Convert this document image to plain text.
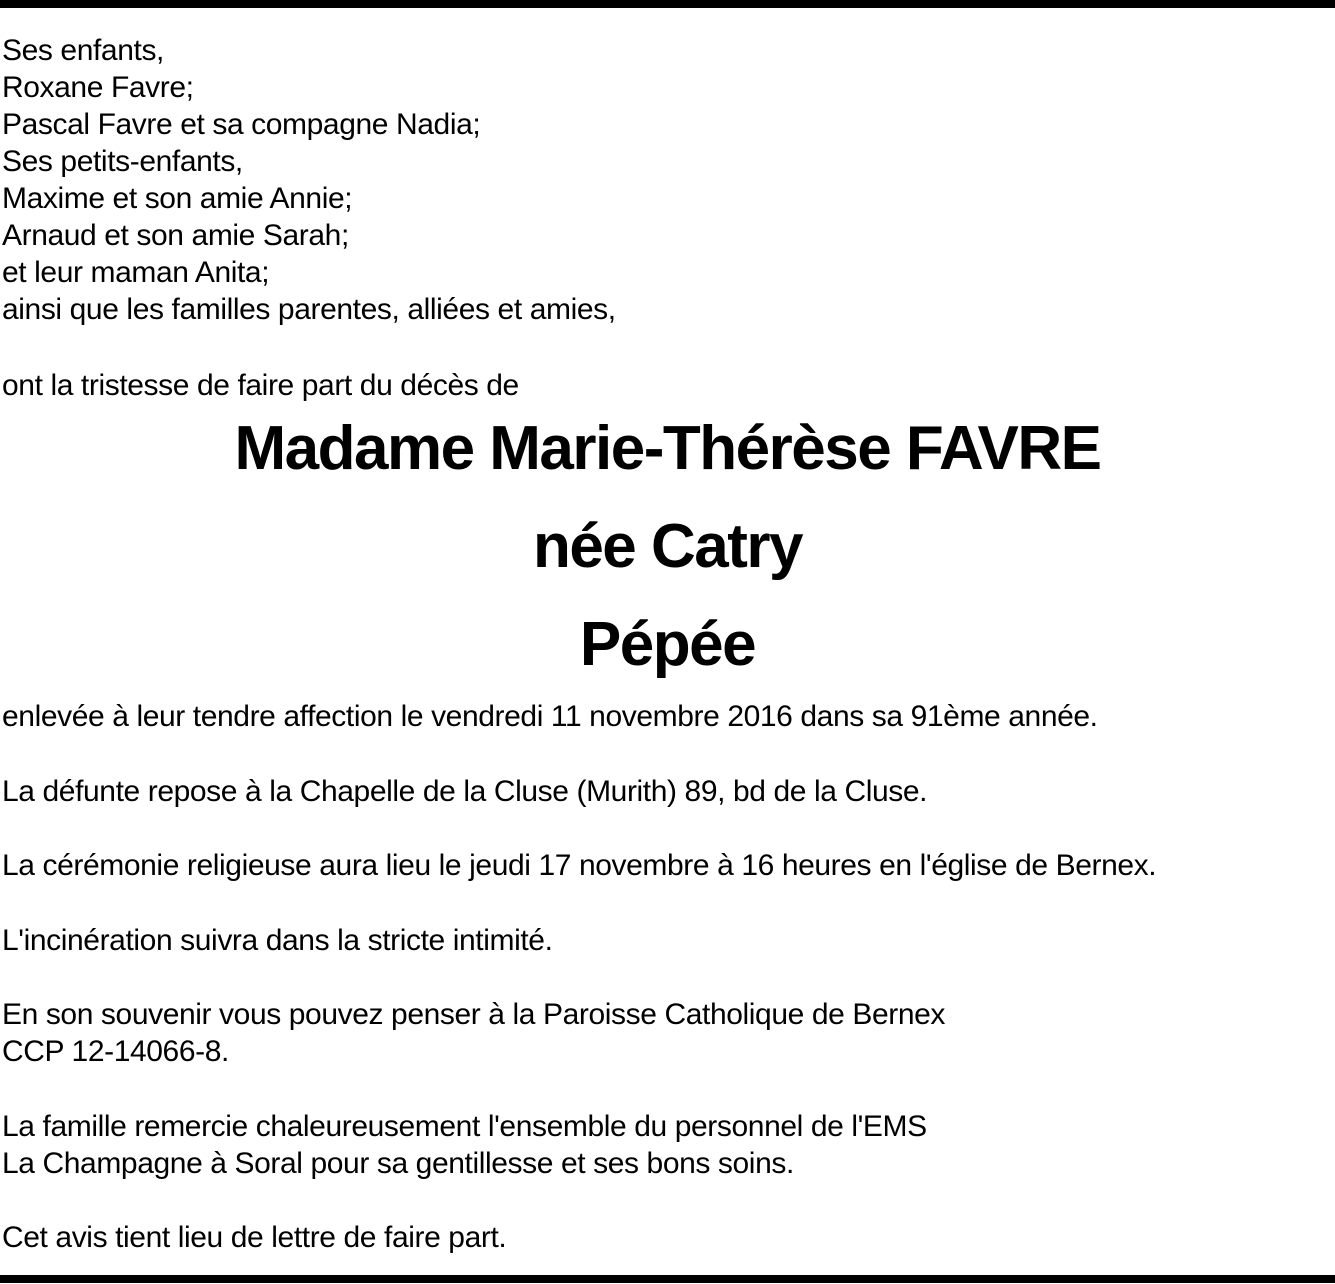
Ses enfants,
Roxane Favre;
Pascal Favre et sa compagne Nadia;
Ses petits-enfants,
Maxime et son amie Annie;
Arnaud et son amie Sarah;
et leur maman Anita;
ainsi que les familles parentes, alliées et amies,
ont la tristesse de faire part du décès de
Madame Marie-Thérèse FAVRE
née Catry
Pépée
enlevée à leur tendre affection le vendredi 11 novembre 2016 dans sa 91ème année.
La défunte repose à la Chapelle de la Cluse (Murith) 89, bd de la Cluse.
La cérémonie religieuse aura lieu le jeudi 17 novembre à 16 heures en l'église de Bernex.
L'incinération suivra dans la stricte intimité.
En son souvenir vous pouvez penser à la Paroisse Catholique de Bernex
CCP 12-14066-8.
La famille remercie chaleureusement l'ensemble du personnel de l'EMS
La Champagne à Soral pour sa gentillesse et ses bons soins.
Cet avis tient lieu de lettre de faire part.
